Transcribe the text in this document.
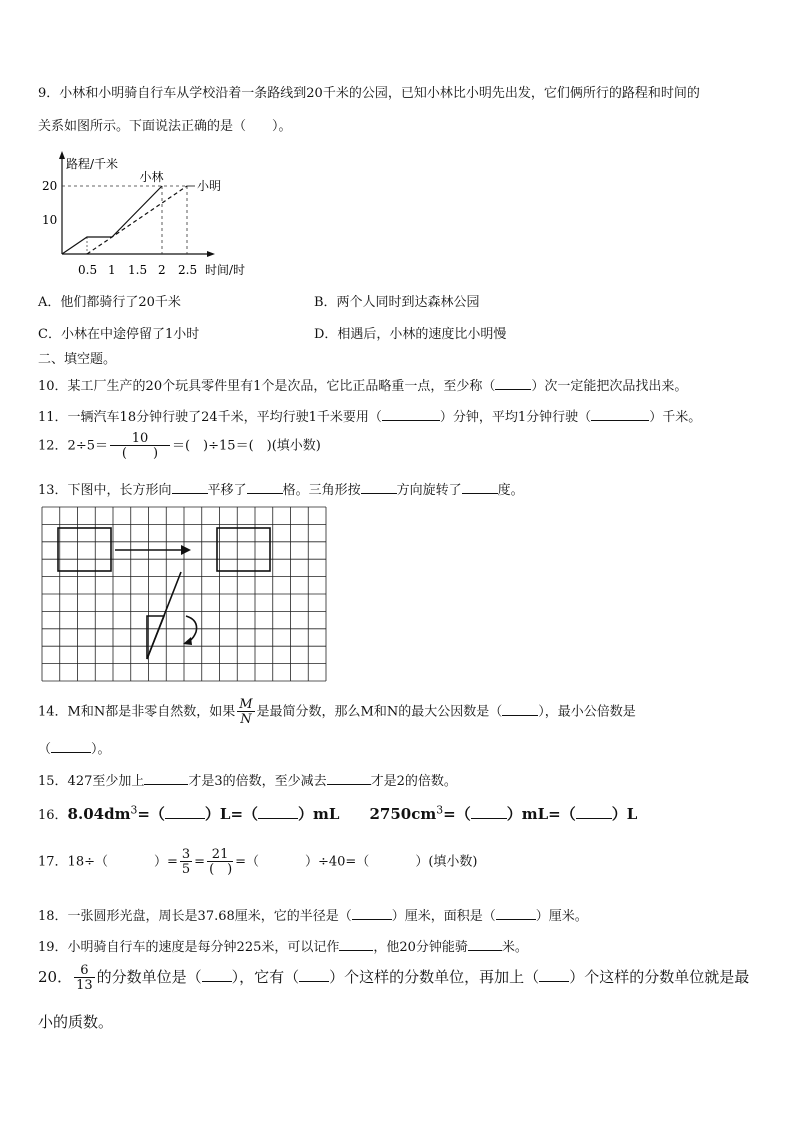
9．小林和小明骑自行车从学校沿着一条路线到20千米的公园，已知小林比小明先出发，它们俩所行的路程和时间的
关系如图所示。下面说法正确的是（　　）。
路程/千米
时间/时
20
10
0.5 1 1.5 2 2.5
小林
小明
A．他们都骑行了20千米	B．两个人同时到达森林公园
C．小林在中途停留了1小时	D．相遇后，小林的速度比小明慢
二、填空题。
10．某工厂生产的20个玩具零件里有1个是次品，它比正品略重一点，至少称（	）次一定能把次品找出来。
11．一辆汽车18分钟行驶了24千米，平均行驶1千米要用（	）分钟，平均1分钟行驶（	）千米。
12．$2\div 5= \frac{10}{( )}$ ＝(　)÷15＝(　)(填小数)
13．下图中，长方形向	平移了	格。三角形按	方向旋转了	度。
14．M和N都是非零自然数，如果 $\frac{M}{N}$ 是最简分数，那么M和N的最大公因数是（	），最小公倍数是
（	）。
15．427至少加上	才是3的倍数，至少减去	才是2的倍数。
16．$8.04dm^3=$（	）L=（	）mL $2750cm^3=$（ ）mL=（ ）L
17．18÷（	）= $\frac{3}{5} = \frac{21}{( )}$ =（	）÷40=（	）(填小数)
18．一张圆形光盘，周长是37.68厘米，它的半径是（	）厘米，面积是（	）厘米。
19．小明骑自行车的速度是每分钟225米，可以记作	，他20分钟能骑	米。
20． $\frac{6}{13}$ 的分数单位是（ ），它有（ ）个这样的分数单位，再加上（ ）个这样的分数单位就是最
小的质数。
